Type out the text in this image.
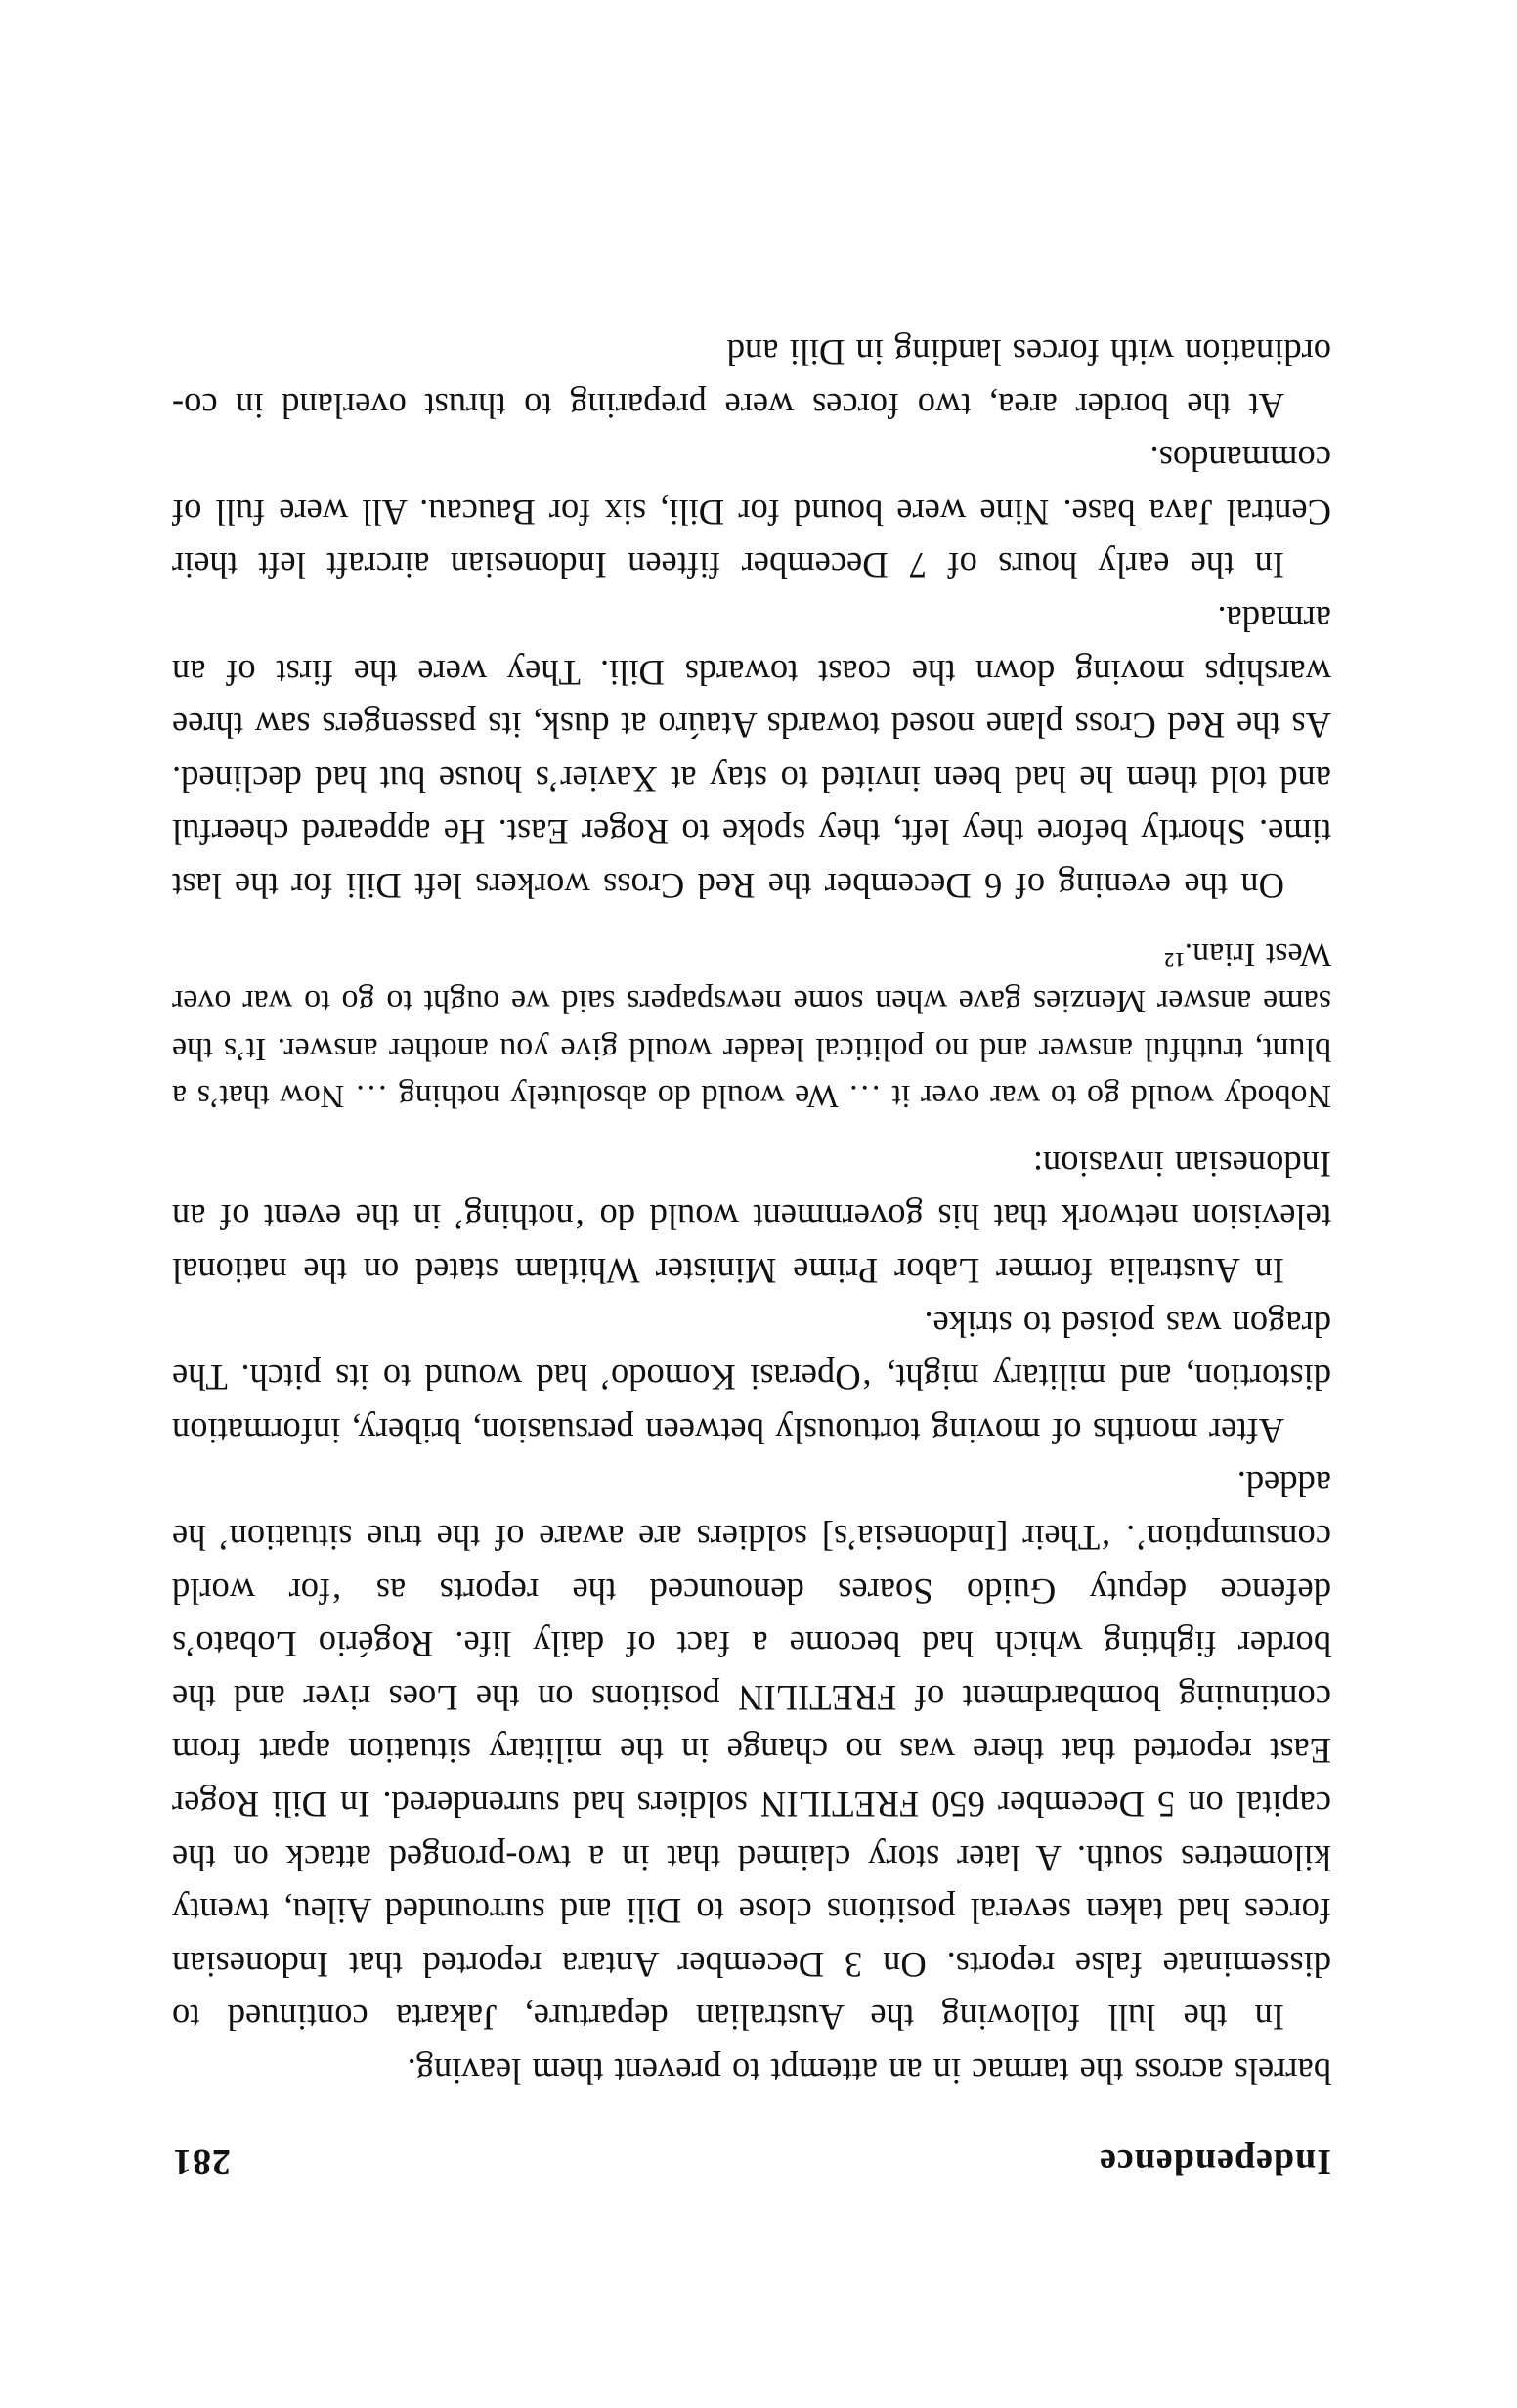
Independence
281

barrels across the tarmac in an attempt to prevent them leaving.

In the lull following the Australian departure, Jakarta continued to disseminate false reports. On 3 December Antara reported that Indonesian forces had taken several positions close to Dili and surrounded Aileu, twenty kilometres south. A later story claimed that in a two-pronged attack on the capital on 5 December 650 FRETILIN soldiers had surrendered. In Dili Roger East reported that there was no change in the military situation apart from continuing bombardment of FRETILIN positions on the Loes river and the border fighting which had become a fact of daily life. Rogério Lobato’s defence deputy Guido Soares denounced the reports as ‘for world consumption’. ‘Their [Indonesia’s] soldiers are aware of the true situation’ he added.

After months of moving tortuously between persuasion, bribery, information distortion, and military might, ‘Operasi Komodo’ had wound to its pitch. The dragon was poised to strike.

In Australia former Labor Prime Minister Whitlam stated on the national television network that his government would do ‘nothing’ in the event of an Indonesian invasion:

Nobody would go to war over it … We would do absolutely nothing … Now that’s a blunt, truthful answer and no political leader would give you another answer. It’s the same answer Menzies gave when some newspapers said we ought to go to war over West Irian.¹²

On the evening of 6 December the Red Cross workers left Dili for the last time. Shortly before they left, they spoke to Roger East. He appeared cheerful and told them he had been invited to stay at Xavier’s house but had declined. As the Red Cross plane nosed towards Ataúro at dusk, its passengers saw three warships moving down the coast towards Dili. They were the first of an armada.

In the early hours of 7 December fifteen Indonesian aircraft left their Central Java base. Nine were bound for Dili, six for Baucau. All were full of commandos.

At the border area, two forces were preparing to thrust overland in co-ordination with forces landing in Dili and
